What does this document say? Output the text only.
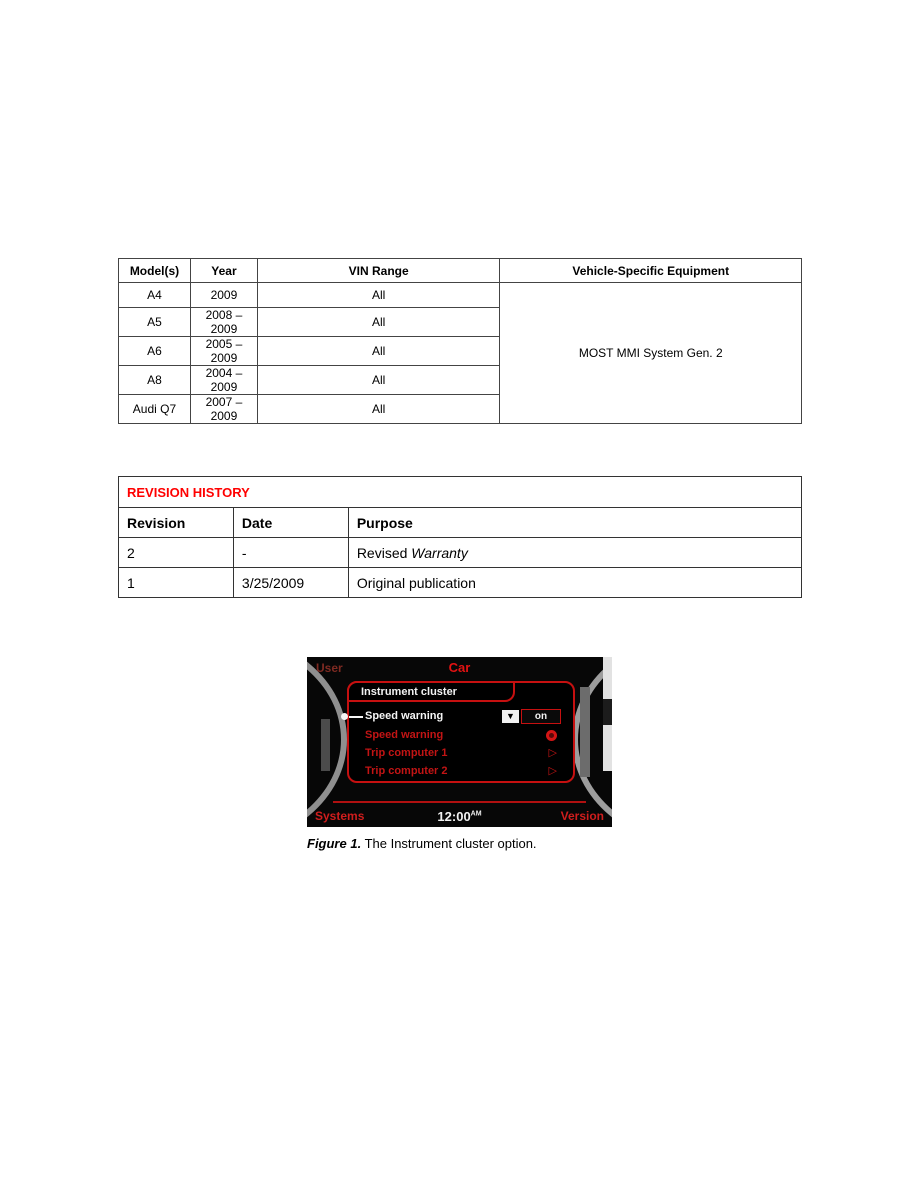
Model(s)	Year	VIN Range	Vehicle-Specific Equipment
A4	2009	All	MOST MMI System Gen. 2
A5	2008 – 2009	All	
A6	2005 – 2009	All	
A8	2004 – 2009	All	
Audi Q7	2007 – 2009	All	
REVISION HISTORY		
Revision	Date	Purpose
2	-	Revised Warranty
1	3/25/2009	Original publication
User	Car
Instrument cluster
Speed warning	▼	on
Speed warning
Trip computer 1	▷
Trip computer 2	▷
Systems	$12:00^{AM}$	Version
Figure 1. The Instrument cluster option.
